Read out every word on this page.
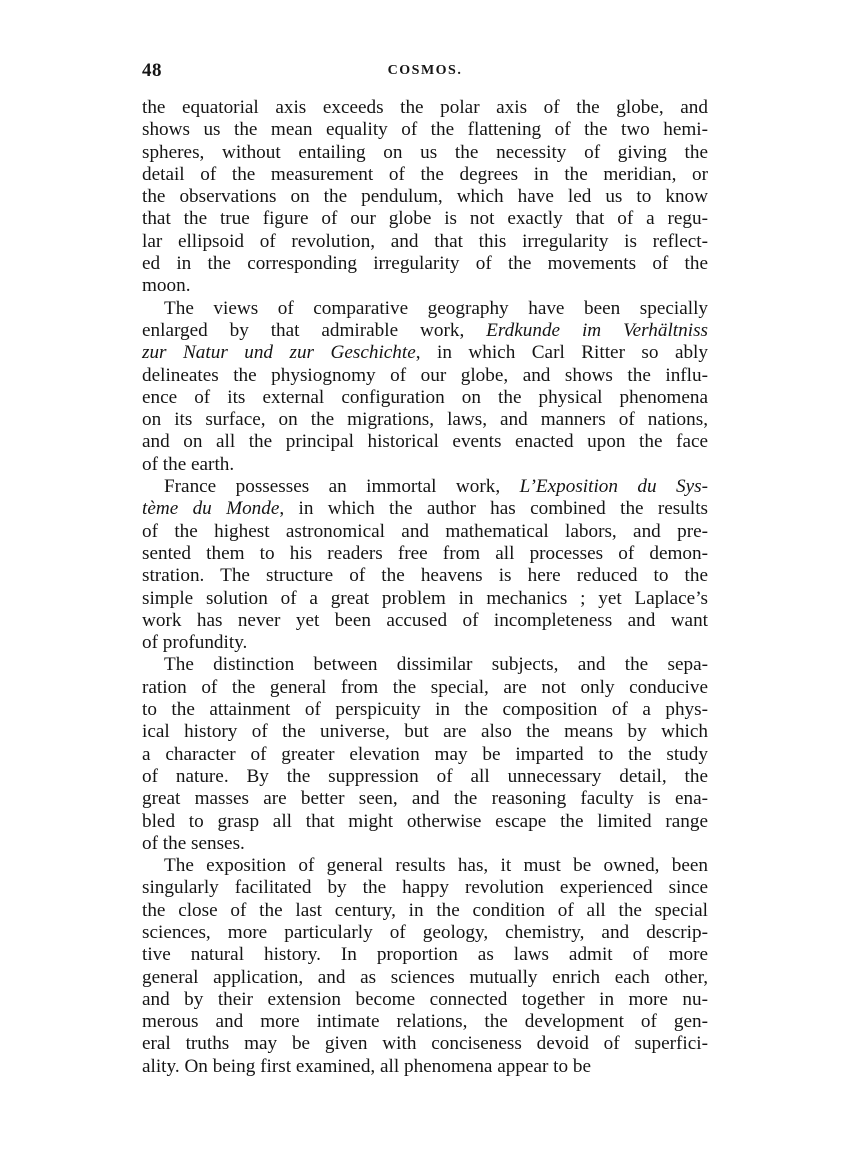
48	COSMOS.
the equatorial axis exceeds the polar axis of the globe, and
shows us the mean equality of the flattening of the two hemi-
spheres, without entailing on us the necessity of giving the
detail of the measurement of the degrees in the meridian, or
the observations on the pendulum, which have led us to know
that the true figure of our globe is not exactly that of a regu-
lar ellipsoid of revolution, and that this irregularity is reflect-
ed in the corresponding irregularity of the movements of the
moon.
The views of comparative geography have been specially
enlarged by that admirable work, Erdkunde im Verhältniss
zur Natur und zur Geschichte, in which Carl Ritter so ably
delineates the physiognomy of our globe, and shows the influ-
ence of its external configuration on the physical phenomena
on its surface, on the migrations, laws, and manners of nations,
and on all the principal historical events enacted upon the face
of the earth.
France possesses an immortal work, L’Exposition du Sys-
tème du Monde, in which the author has combined the results
of the highest astronomical and mathematical labors, and pre-
sented them to his readers free from all processes of demon-
stration. The structure of the heavens is here reduced to the
simple solution of a great problem in mechanics ; yet Laplace’s
work has never yet been accused of incompleteness and want
of profundity.
The distinction between dissimilar subjects, and the sepa-
ration of the general from the special, are not only conducive
to the attainment of perspicuity in the composition of a phys-
ical history of the universe, but are also the means by which
a character of greater elevation may be imparted to the study
of nature. By the suppression of all unnecessary detail, the
great masses are better seen, and the reasoning faculty is ena-
bled to grasp all that might otherwise escape the limited range
of the senses.
The exposition of general results has, it must be owned, been
singularly facilitated by the happy revolution experienced since
the close of the last century, in the condition of all the special
sciences, more particularly of geology, chemistry, and descrip-
tive natural history. In proportion as laws admit of more
general application, and as sciences mutually enrich each other,
and by their extension become connected together in more nu-
merous and more intimate relations, the development of gen-
eral truths may be given with conciseness devoid of superfici-
ality. On being first examined, all phenomena appear to be
